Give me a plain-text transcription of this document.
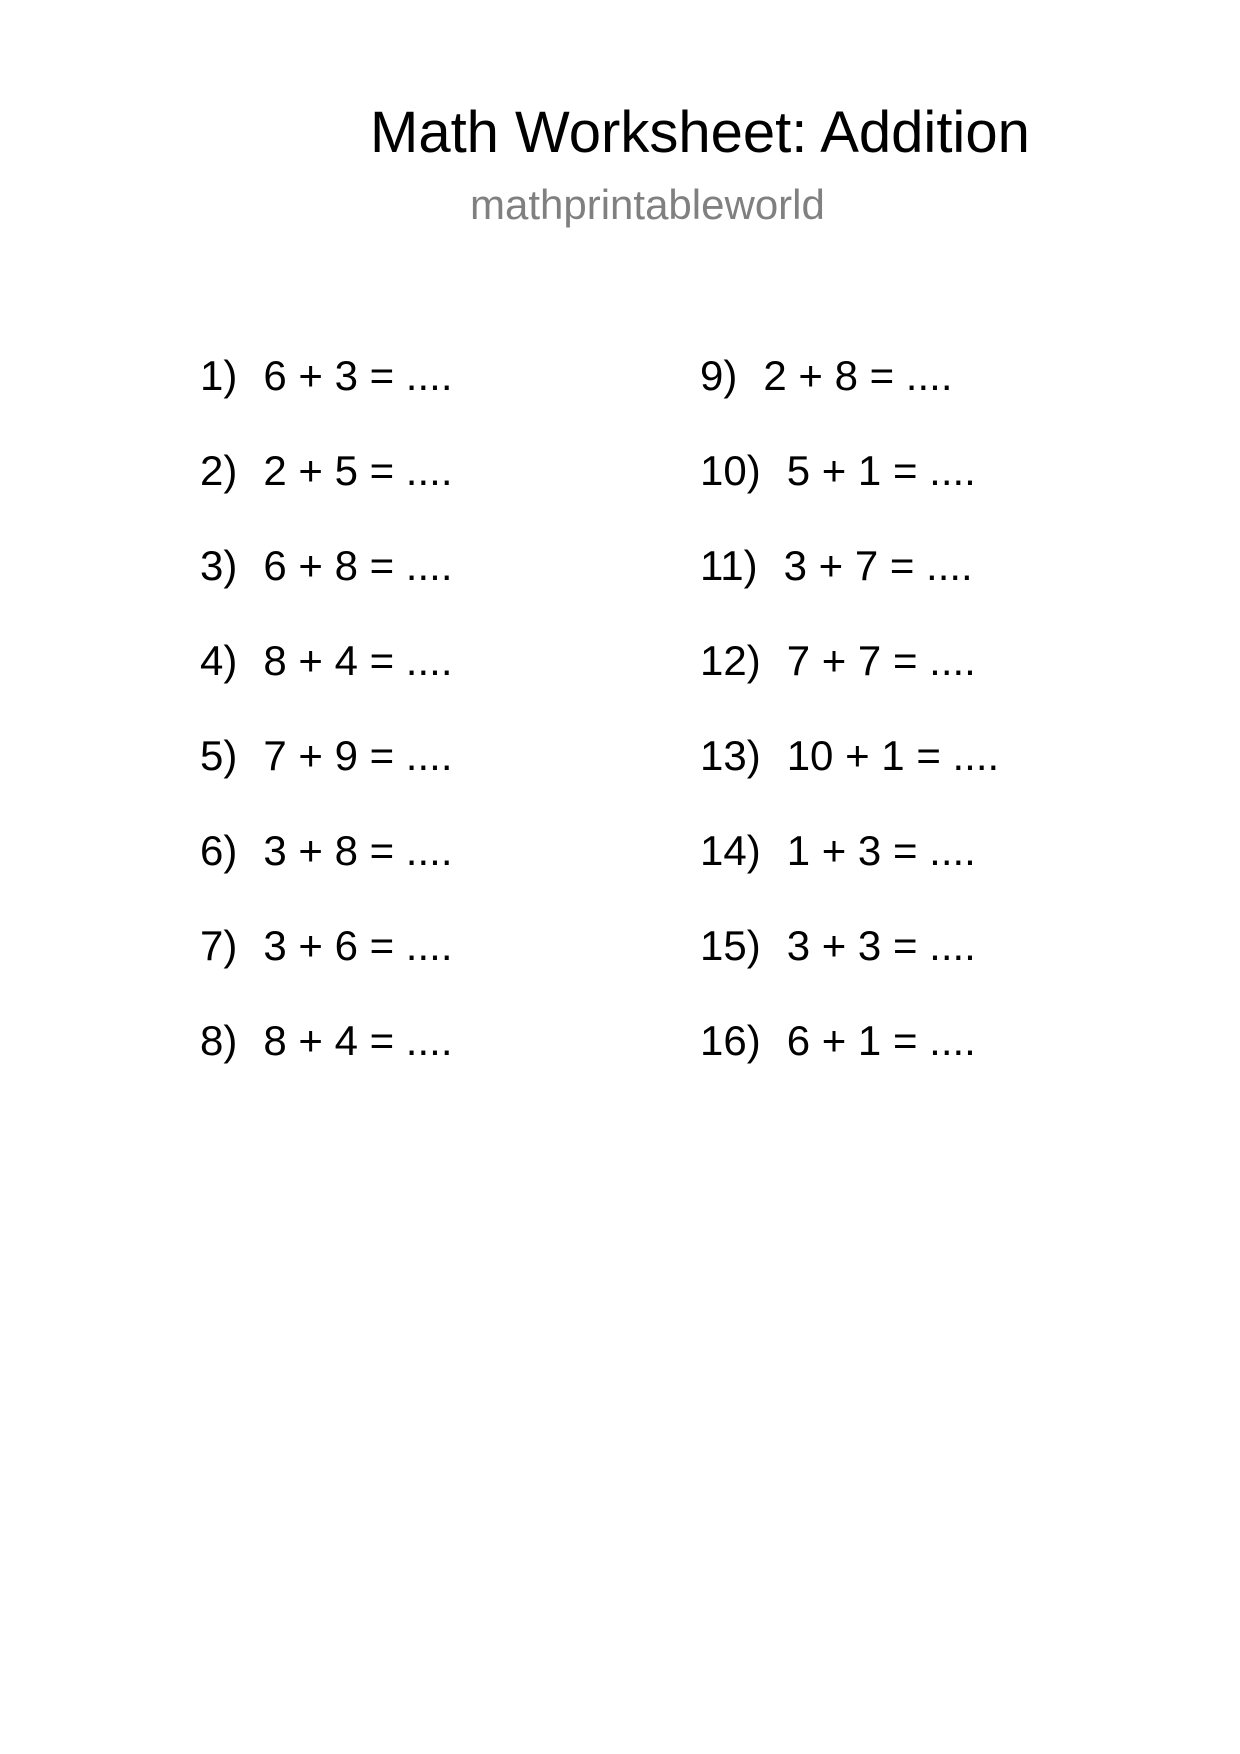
Math Worksheet: Addition
mathprintableworld
1) 6 + 3 = ....
2) 2 + 5 = ....
3) 6 + 8 = ....
4) 8 + 4 = ....
5) 7 + 9 = ....
6) 3 + 8 = ....
7) 3 + 6 = ....
8) 8 + 4 = ....
9) 2 + 8 = ....
10) 5 + 1 = ....
11) 3 + 7 = ....
12) 7 + 7 = ....
13) 10 + 1 = ....
14) 1 + 3 = ....
15) 3 + 3 = ....
16) 6 + 1 = ....
